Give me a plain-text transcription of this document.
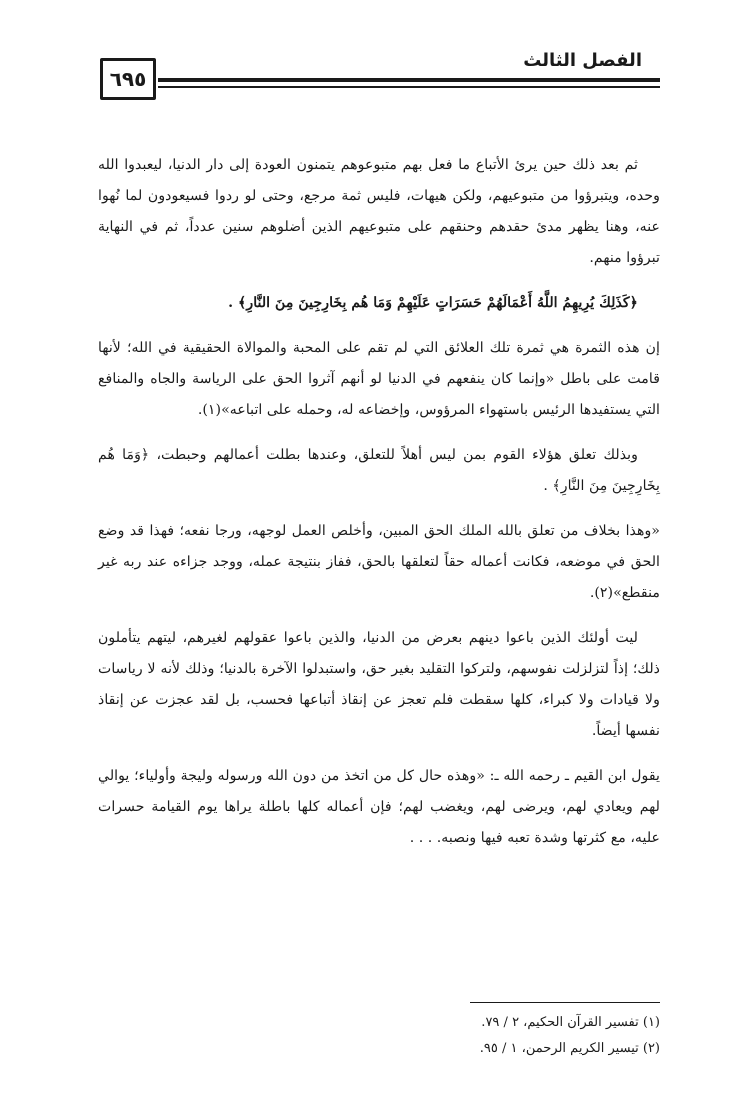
٦٩٥
الفصل الثالث

ثم بعد ذلك حين يرئ الأتباع ما فعل بهم متبوعوهم يتمنون العودة إلى دار الدنيا، ليعبدوا الله وحده، ويتبرؤوا من متبوعيهم، ولكن هيهات، فليس ثمة مرجع، وحتى لو ردوا فسيعودون لما نُهوا عنه، وهنا يظهر مدئ حقدهم وحنقهم على متبوعيهم الذين أضلوهم سنين عدداً، ثم في النهاية تبرؤوا منهم.

﴿كَذَلِكَ يُرِيهِمُ اللَّهُ أَعْمَالَهُمْ حَسَرَاتٍ عَلَيْهِمْ وَمَا هُم بِخَارِجِينَ مِنَ النَّارِ﴾ .

إن هذه الثمرة هي ثمرة تلك العلائق التي لم تقم على المحبة والموالاة الحقيقية في الله؛ لأنها قامت على باطل «وإنما كان ينفعهم في الدنيا لو أنهم آثروا الحق على الرياسة والجاه والمنافع التي يستفيدها الرئيس باستهواء المرؤوس، وإخضاعه له، وحمله على اتباعه»(١).

وبذلك تعلق هؤلاء القوم بمن ليس أهلاً للتعلق، وعندها بطلت أعمالهم وحبطت، ﴿وَمَا هُم بِخَارِجِينَ مِنَ النَّارِ﴾ .

«وهذا بخلاف من تعلق بالله الملك الحق المبين، وأخلص العمل لوجهه، ورجا نفعه؛ فهذا قد وضع الحق في موضعه، فكانت أعماله حقاً لتعلقها بالحق، ففاز بنتيجة عمله، ووجد جزاءه عند ربه غير منقطع»(٢).

ليت أولئك الذين باعوا دينهم بعرض من الدنيا، والذين باعوا عقولهم لغيرهم، ليتهم يتأملون ذلك؛ إذاً لتزلزلت نفوسهم، ولتركوا التقليد بغير حق، واستبدلوا الآخرة بالدنيا؛ وذلك لأنه لا رياسات ولا قيادات ولا كبراء، كلها سقطت فلم تعجز عن إنقاذ أتباعها فحسب، بل لقد عجزت عن إنقاذ نفسها أيضاً.

يقول ابن القيم ـ رحمه الله ـ: «وهذه حال كل من اتخذ من دون الله ورسوله وليجة وأولياء؛ يوالي لهم ويعادي لهم، ويرضى لهم، ويغضب لهم؛ فإن أعماله كلها باطلة يراها يوم القيامة حسرات عليه، مع كثرتها وشدة تعبه فيها ونصبه. . . .

(١) تفسير القرآن الحكيم، ٢ / ٧٩.
(٢) تيسير الكريم الرحمن، ١ / ٩٥.
